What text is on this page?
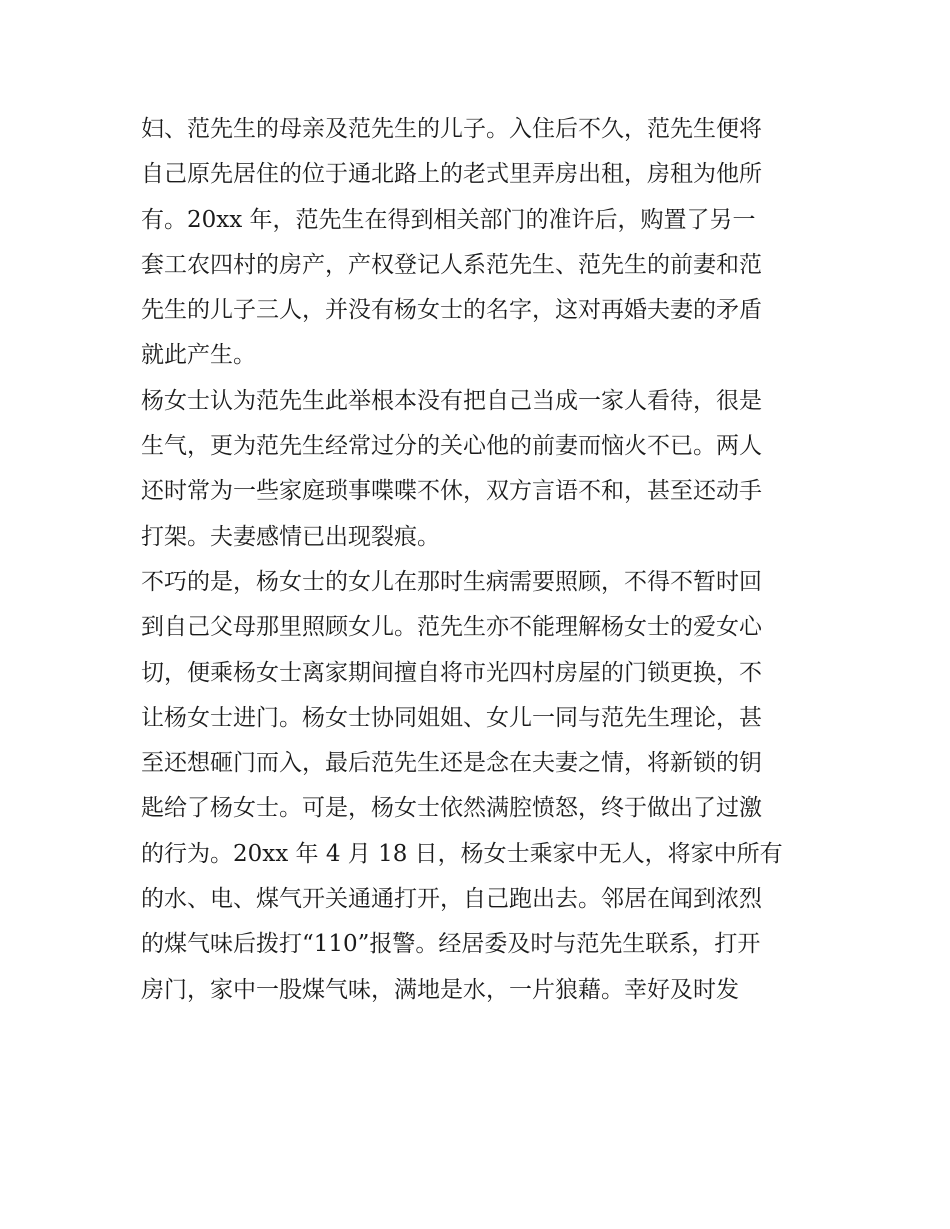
妇、范先生的母亲及范先生的儿子。入住后不久，范先生便将
自己原先居住的位于通北路上的老式里弄房出租，房租为他所
有。20xx 年，范先生在得到相关部门的准许后，购置了另一
套工农四村的房产，产权登记人系范先生、范先生的前妻和范
先生的儿子三人，并没有杨女士的名字，这对再婚夫妻的矛盾
就此产生。
杨女士认为范先生此举根本没有把自己当成一家人看待，很是
生气，更为范先生经常过分的关心他的前妻而恼火不已。两人
还时常为一些家庭琐事喋喋不休，双方言语不和，甚至还动手
打架。夫妻感情已出现裂痕。
不巧的是，杨女士的女儿在那时生病需要照顾，不得不暂时回
到自己父母那里照顾女儿。范先生亦不能理解杨女士的爱女心
切，便乘杨女士离家期间擅自将市光四村房屋的门锁更换，不
让杨女士进门。杨女士协同姐姐、女儿一同与范先生理论，甚
至还想砸门而入，最后范先生还是念在夫妻之情，将新锁的钥
匙给了杨女士。可是，杨女士依然满腔愤怒，终于做出了过激
的行为。20xx 年 4 月 18 日，杨女士乘家中无人，将家中所有
的水、电、煤气开关通通打开，自己跑出去。邻居在闻到浓烈
的煤气味后拨打“110”报警。经居委及时与范先生联系，打开
房门，家中一股煤气味，满地是水，一片狼藉。幸好及时发
